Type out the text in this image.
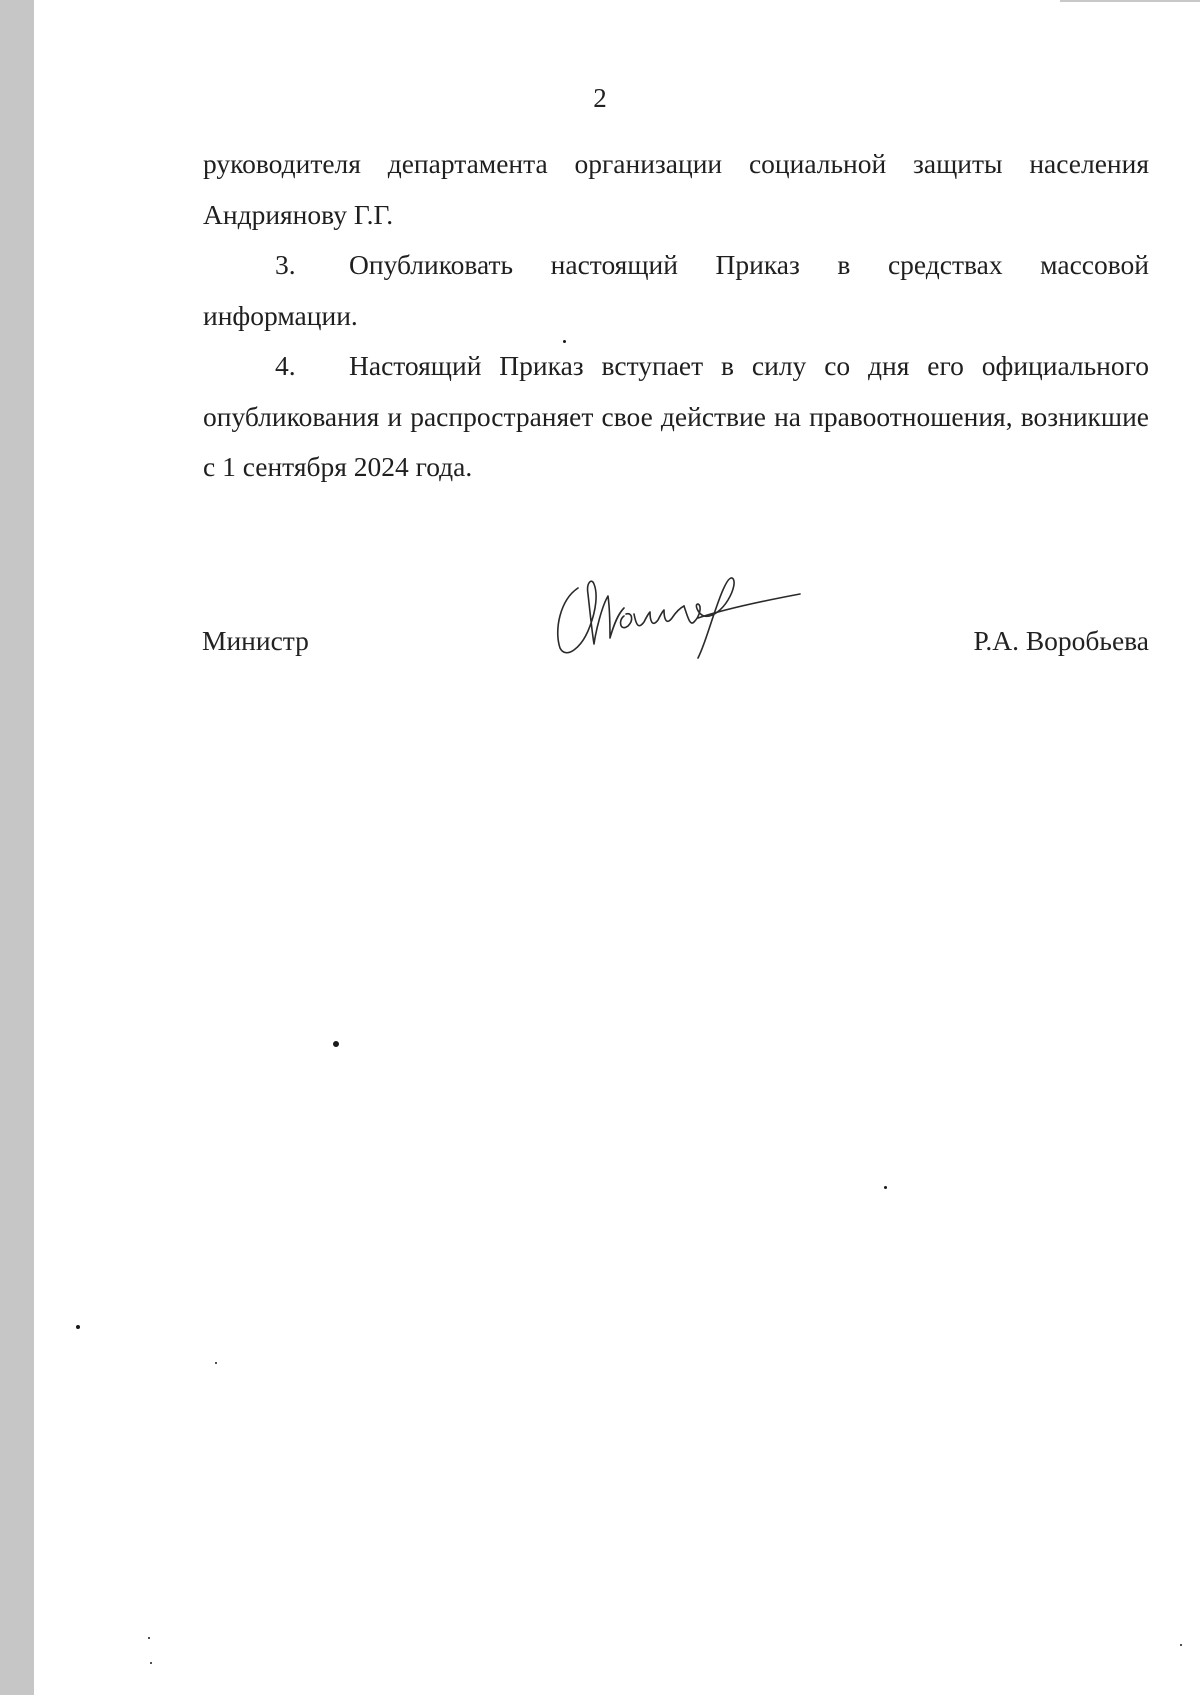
2

руководителя департамента организации социальной защиты населения Андриянову Г.Г.

3. Опубликовать настоящий Приказ в средствах массовой информации.

4. Настоящий Приказ вступает в силу со дня его официального опубликования и распространяет свое действие на правоотношения, возникшие с 1 сентября 2024 года.

Министр	Р.А. Воробьева
